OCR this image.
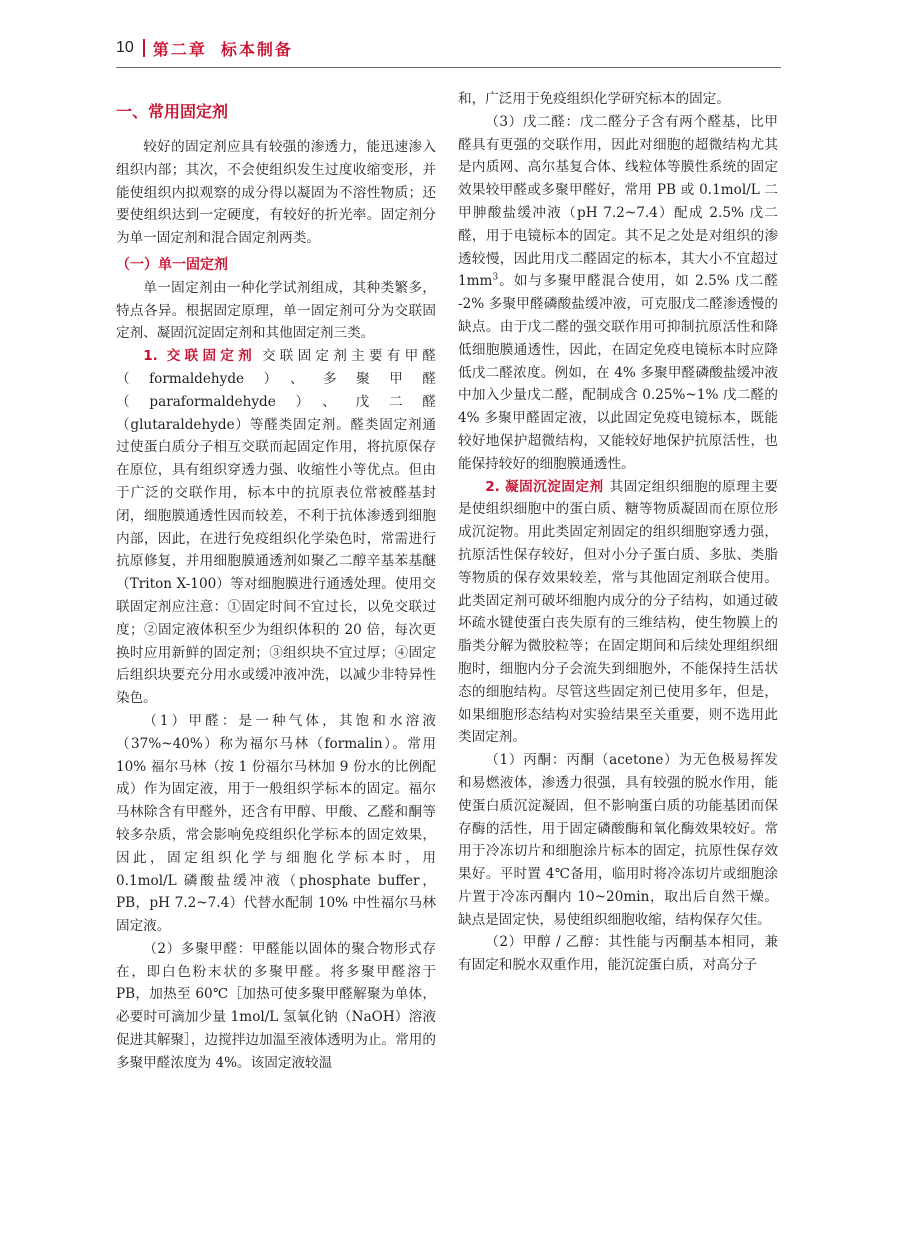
10 第二章 标本制备
一、常用固定剂

较好的固定剂应具有较强的渗透力，能迅速渗入组织内部；其次，不会使组织发生过度收缩变形，并能使组织内拟观察的成分得以凝固为不溶性物质；还要使组织达到一定硬度，有较好的折光率。固定剂分为单一固定剂和混合固定剂两类。

（一）单一固定剂

单一固定剂由一种化学试剂组成，其种类繁多，特点各异。根据固定原理，单一固定剂可分为交联固定剂、凝固沉淀固定剂和其他固定剂三类。

1. 交联固定剂 交联固定剂主要有甲醛（formaldehyde）、多聚甲醛（paraformaldehyde）、戊二醛（glutaraldehyde）等醛类固定剂。醛类固定剂通过使蛋白质分子相互交联而起固定作用，将抗原保存在原位，具有组织穿透力强、收缩性小等优点。但由于广泛的交联作用，标本中的抗原表位常被醛基封闭，细胞膜通透性因而较差，不利于抗体渗透到细胞内部，因此，在进行免疫组织化学染色时，常需进行抗原修复，并用细胞膜通透剂如聚乙二醇辛基苯基醚（Triton X-100）等对细胞膜进行通透处理。使用交联固定剂应注意：①固定时间不宜过长，以免交联过度；②固定液体积至少为组织体积的 20 倍，每次更换时应用新鲜的固定剂；③组织块不宜过厚；④固定后组织块要充分用水或缓冲液冲洗，以减少非特异性染色。

（1）甲醛：是一种气体，其饱和水溶液（37%~40%）称为福尔马林（formalin）。常用 10% 福尔马林（按 1 份福尔马林加 9 份水的比例配成）作为固定液，用于一般组织学标本的固定。福尔马林除含有甲醛外，还含有甲醇、甲酸、乙醛和酮等较多杂质，常会影响免疫组织化学标本的固定效果，因此，固定组织化学与细胞化学标本时，用 0.1mol/L 磷酸盐缓冲液（phosphate buffer，PB，pH 7.2~7.4）代替水配制 10% 中性福尔马林固定液。

（2）多聚甲醛：甲醛能以固体的聚合物形式存在，即白色粉末状的多聚甲醛。将多聚甲醛溶于 PB，加热至 60℃［加热可使多聚甲醛解聚为单体，必要时可滴加少量 1mol/L 氢氧化钠（NaOH）溶液促进其解聚］，边搅拌边加温至液体透明为止。常用的多聚甲醛浓度为 4%。该固定液较温

和，广泛用于免疫组织化学研究标本的固定。

（3）戊二醛：戊二醛分子含有两个醛基，比甲醛具有更强的交联作用，因此对细胞的超微结构尤其是内质网、高尔基复合体、线粒体等膜性系统的固定效果较甲醛或多聚甲醛好，常用 PB 或 0.1mol/L 二甲胂酸盐缓冲液（pH 7.2~7.4）配成 2.5% 戊二醛，用于电镜标本的固定。其不足之处是对组织的渗透较慢，因此用戊二醛固定的标本，其大小不宜超过 $1mm^3$。如与多聚甲醛混合使用，如 2.5% 戊二醛 -2% 多聚甲醛磷酸盐缓冲液，可克服戊二醛渗透慢的缺点。由于戊二醛的强交联作用可抑制抗原活性和降低细胞膜通透性，因此，在固定免疫电镜标本时应降低戊二醛浓度。例如，在 4% 多聚甲醛磷酸盐缓冲液中加入少量戊二醛，配制成含 0.25%~1% 戊二醛的 4% 多聚甲醛固定液，以此固定免疫电镜标本，既能较好地保护超微结构，又能较好地保护抗原活性，也能保持较好的细胞膜通透性。

2. 凝固沉淀固定剂 其固定组织细胞的原理主要是使组织细胞中的蛋白质、糖等物质凝固而在原位形成沉淀物。用此类固定剂固定的组织细胞穿透力强，抗原活性保存较好，但对小分子蛋白质、多肽、类脂等物质的保存效果较差，常与其他固定剂联合使用。此类固定剂可破坏细胞内成分的分子结构，如通过破坏疏水键使蛋白丧失原有的三维结构，使生物膜上的脂类分解为微胶粒等；在固定期间和后续处理组织细胞时，细胞内分子会流失到细胞外，不能保持生活状态的细胞结构。尽管这些固定剂已使用多年，但是，如果细胞形态结构对实验结果至关重要，则不选用此类固定剂。

（1）丙酮：丙酮（acetone）为无色极易挥发和易燃液体，渗透力很强，具有较强的脱水作用，能使蛋白质沉淀凝固，但不影响蛋白质的功能基团而保存酶的活性，用于固定磷酸酶和氧化酶效果较好。常用于冷冻切片和细胞涂片标本的固定，抗原性保存效果好。平时置 4℃备用，临用时将冷冻切片或细胞涂片置于冷冻丙酮内 10~20min，取出后自然干燥。缺点是固定快，易使组织细胞收缩，结构保存欠佳。

（2）甲醇 / 乙醇：其性能与丙酮基本相同，兼有固定和脱水双重作用，能沉淀蛋白质，对高分子
